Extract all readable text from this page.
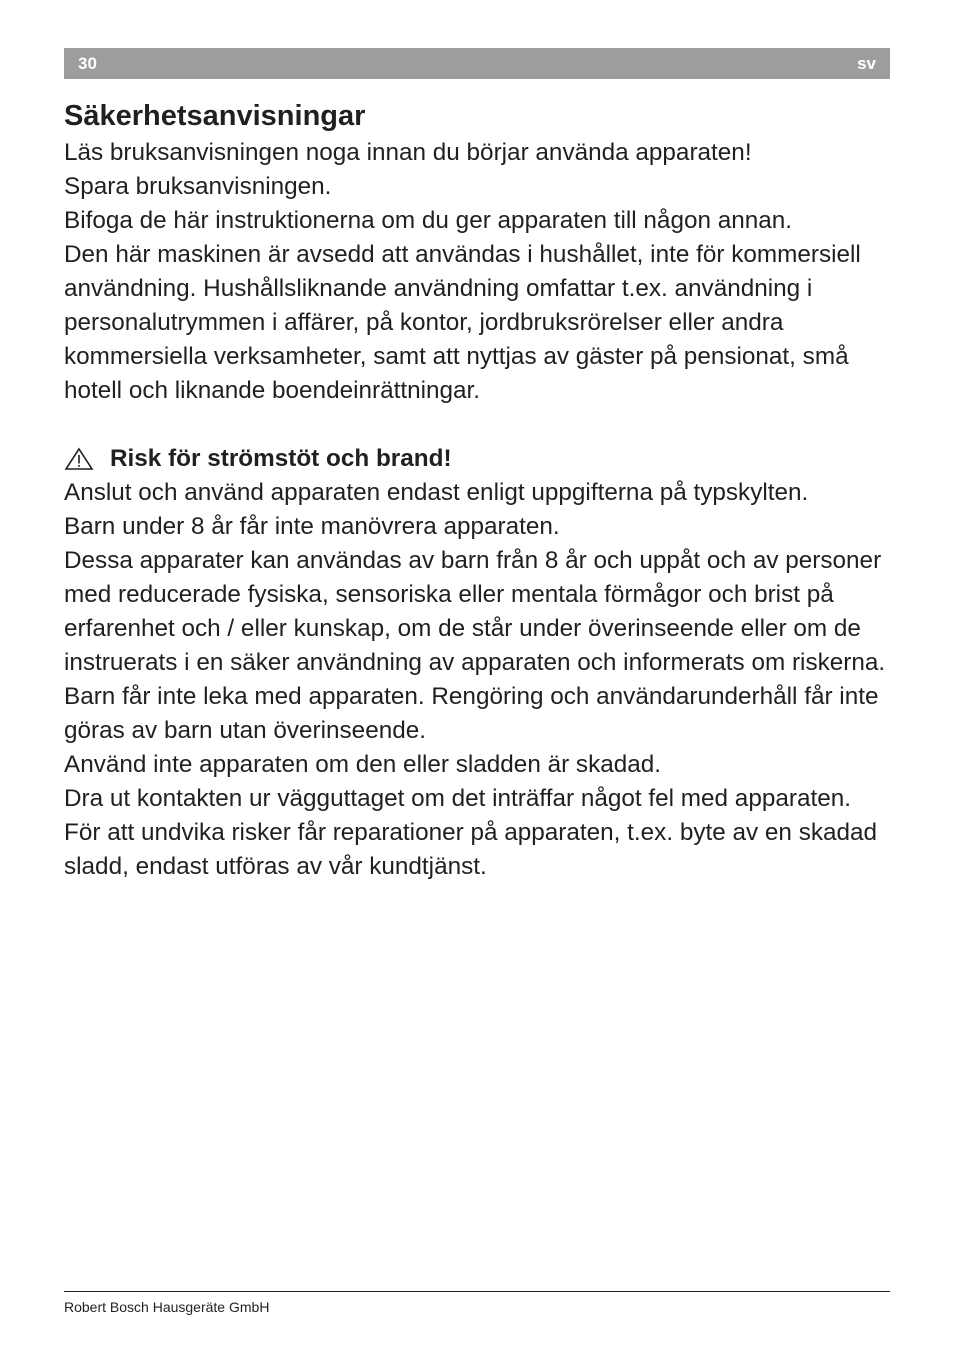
30	sv
Säkerhetsanvisningar

Läs bruksanvisningen noga innan du börjar använda apparaten!

Spara bruksanvisningen.

Bifoga de här instruktionerna om du ger apparaten till någon annan.

Den här maskinen är avsedd att användas i hushållet, inte för kommersiell användning. Hushållsliknande användning omfattar t.ex. användning i personalutrymmen i affärer, på kontor, jordbruksrörelser eller andra kommersiella verksamheter, samt att nyttjas av gäster på pensionat, små hotell och liknande boendeinrättningar.

Risk för strömstöt och brand!

Anslut och använd apparaten endast enligt uppgifterna på typskylten.

Barn under 8 år får inte manövrera apparaten.

Dessa apparater kan användas av barn från 8 år och uppåt och av personer med reducerade fysiska, sensoriska eller mentala förmågor och brist på erfarenhet och / eller kunskap, om de står under överinseende eller om de instruerats i en säker användning av apparaten och informerats om riskerna. Barn får inte leka med apparaten. Rengöring och användarunderhåll får inte göras av barn utan överinseende.

Använd inte apparaten om den eller sladden är skadad.

Dra ut kontakten ur vägguttaget om det inträffar något fel med apparaten.

För att undvika risker får reparationer på apparaten, t.ex. byte av en skadad sladd, endast utföras av vår kundtjänst.

Robert Bosch Hausgeräte GmbH
